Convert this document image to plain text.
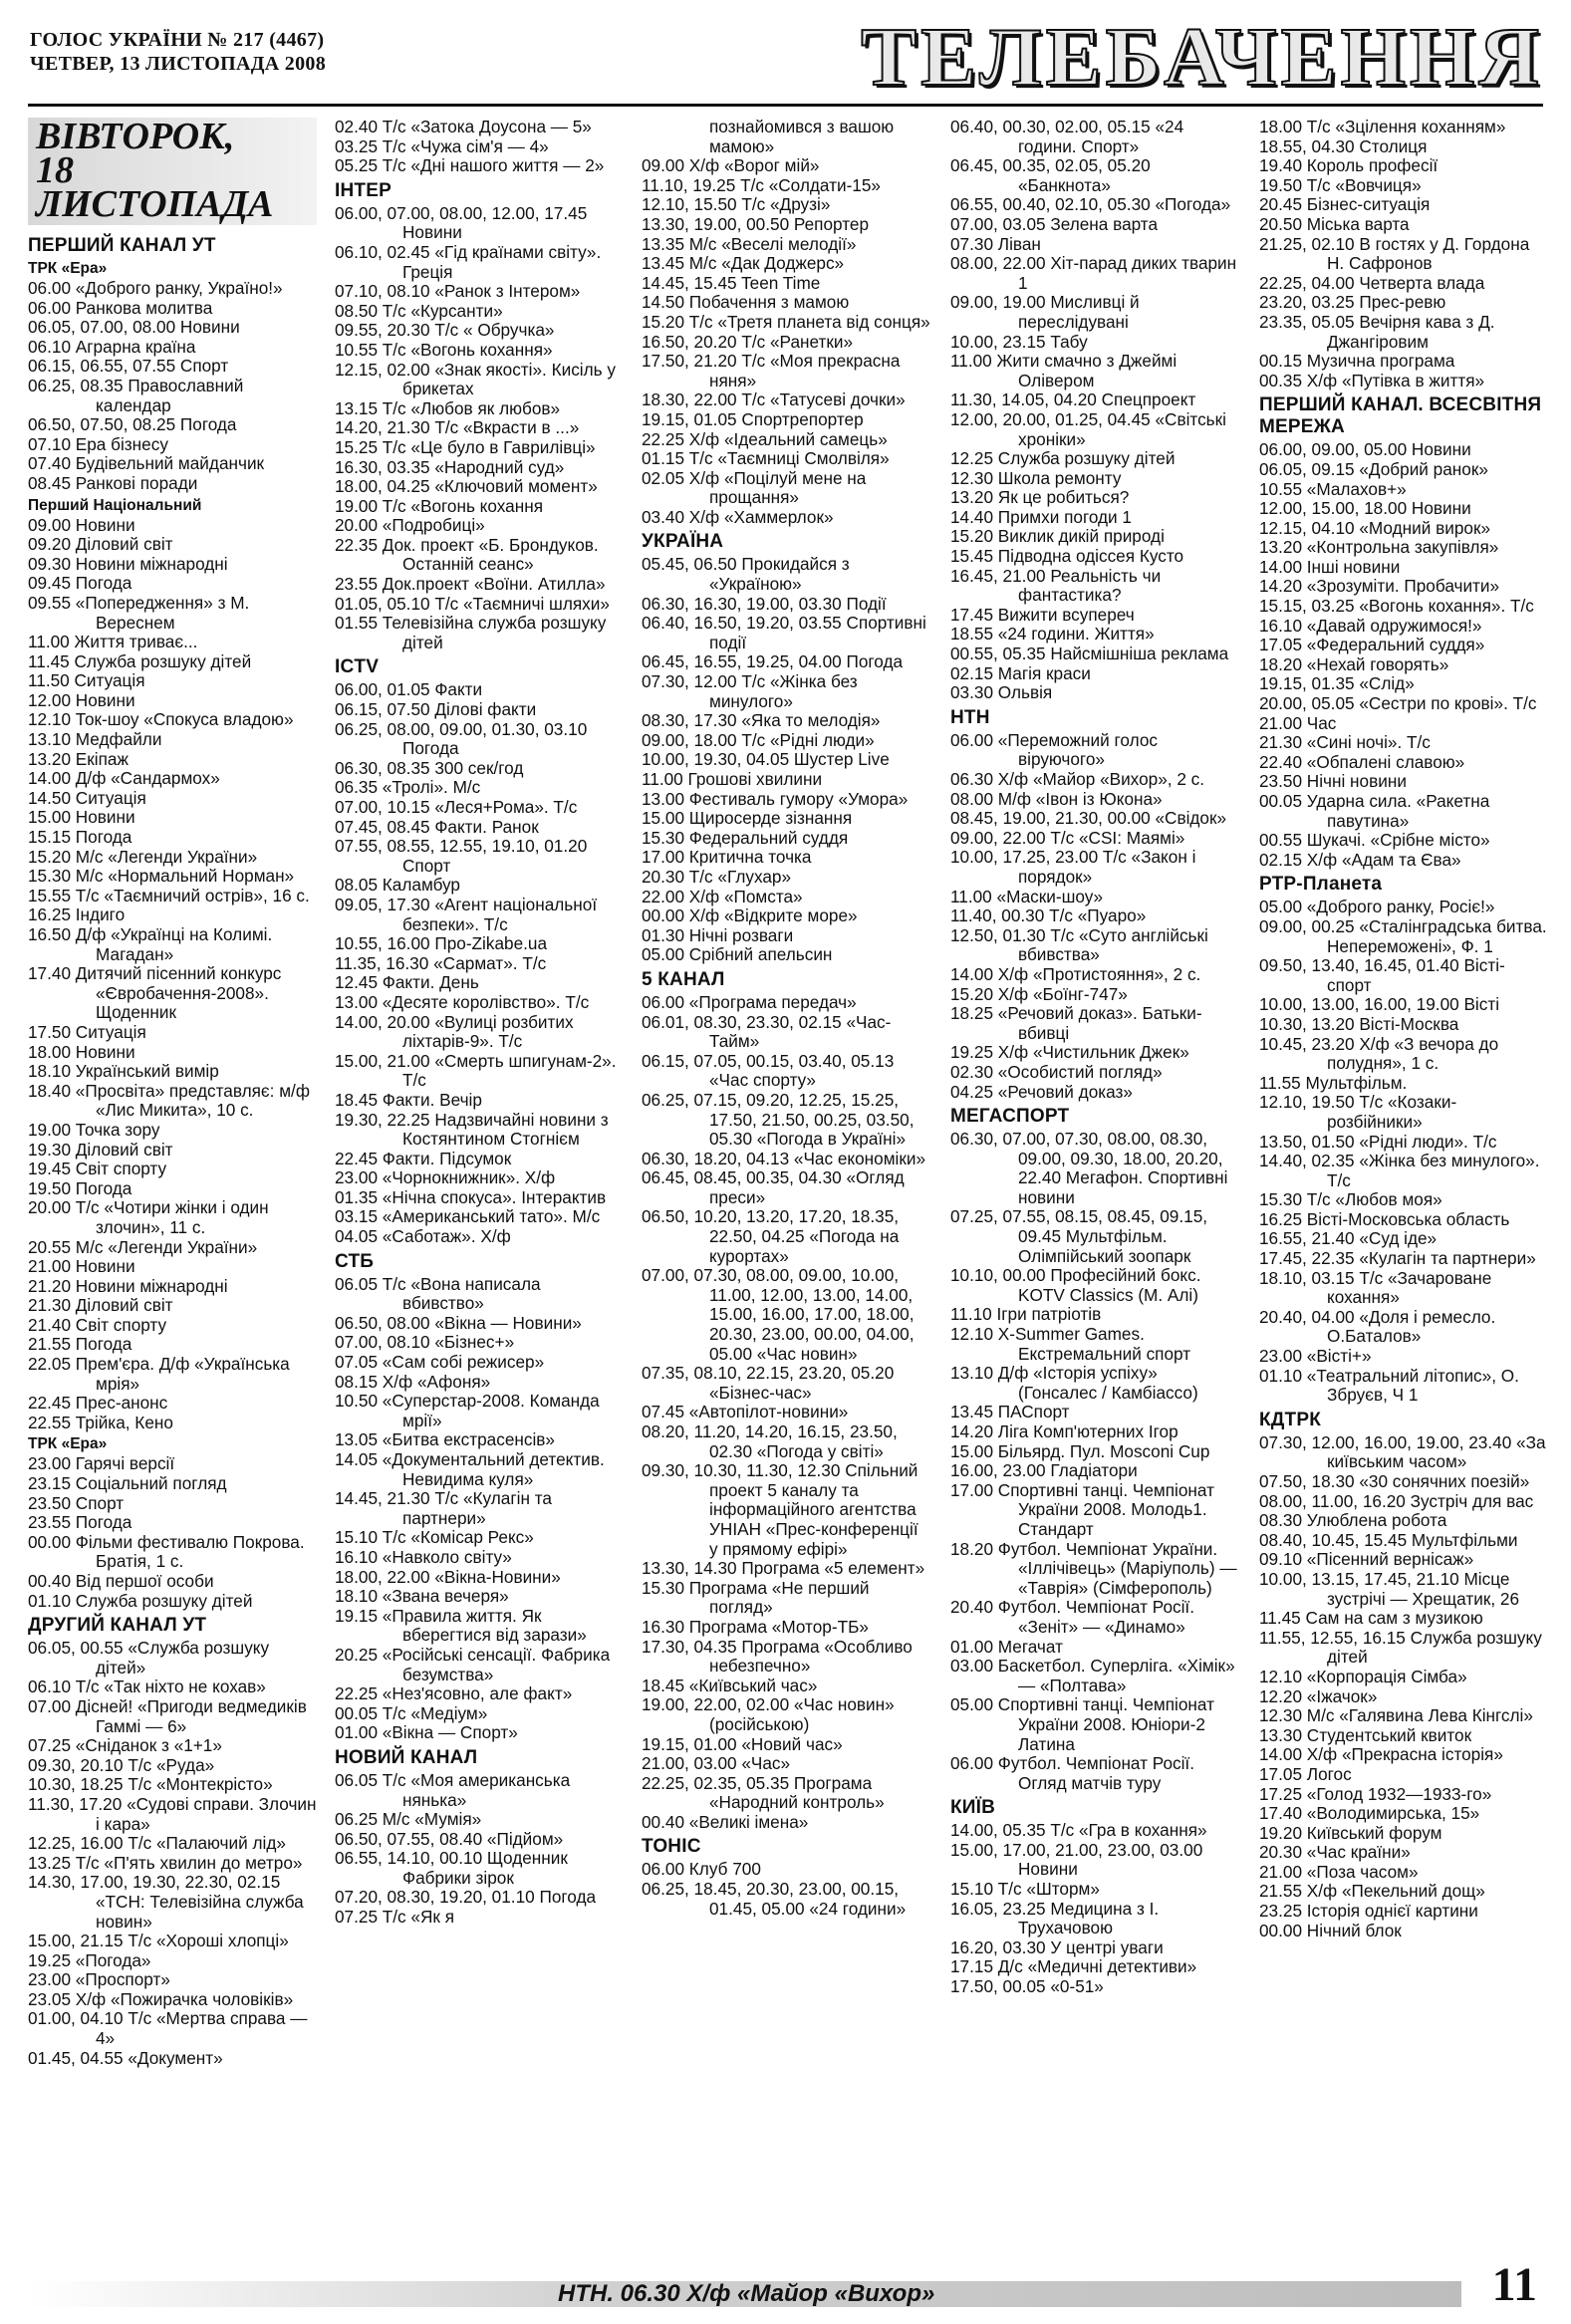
ГОЛОС УКРАЇНИ № 217 (4467)
ЧЕТВЕР, 13 ЛИСТОПАДА 2008	ТЕЛЕБАЧЕННЯ
ВІВТОРОК,
18 ЛИСТОПАДА
ПЕРШИЙ КАНАЛ УТ
ТРК «Ера»
06.00 «Доброго ранку, Україно!»
06.00 Ранкова молитва
06.05, 07.00, 08.00 Новини
06.10 Аграрна країна
06.15, 06.55, 07.55 Спорт
06.25, 08.35 Православний календар
06.50, 07.50, 08.25 Погода
07.10 Ера бізнесу
07.40 Будівельний майданчик
08.45 Ранкові поради
Перший Національний
09.00 Новини
09.20 Діловий світ
09.30 Новини міжнародні
09.45 Погода
09.55 «Попередження» з М. Вереснем
11.00 Життя триває...
11.45 Служба розшуку дітей
11.50 Ситуація
12.00 Новини
12.10 Ток-шоу «Спокуса владою»
13.10 Медфайли
13.20 Екіпаж
14.00 Д/ф «Сандармох»
14.50 Ситуація
15.00 Новини
15.15 Погода
15.20 М/с «Легенди України»
15.30 М/с «Нормальний Норман»
15.55 Т/с «Таємничий острів», 16 с.
16.25 Індиго
16.50 Д/ф «Українці на Колимі. Магадан»
17.40 Дитячий пісенний конкурс «Євробачення-2008». Щоденник
17.50 Ситуація
18.00 Новини
18.10 Український вимір
18.40 «Просвіта» представляє: м/ф «Лис Микита», 10 с.
19.00 Точка зору
19.30 Діловий світ
19.45 Світ спорту
19.50 Погода
20.00 Т/с «Чотири жінки і один злочин», 11 с.
20.55 М/с «Легенди України»
21.00 Новини
21.20 Новини міжнародні
21.30 Діловий світ
21.40 Світ спорту
21.55 Погода
22.05 Прем'єра. Д/ф «Українська мрія»
22.45 Прес-анонс
22.55 Трійка, Кено
ТРК «Ера»
23.00 Гарячі версії
23.15 Соціальний погляд
23.50 Спорт
23.55 Погода
00.00 Фільми фестивалю Покрова. Братія, 1 с.
00.40 Від першої особи
01.10 Служба розшуку дітей
ДРУГИЙ КАНАЛ УТ
06.05, 00.55 «Служба розшуку дітей»
06.10 Т/с «Так ніхто не кохав»
07.00 Дісней! «Пригоди ведмедиків Гаммі — 6»
07.25 «Сніданок з «1+1»
09.30, 20.10 Т/с «Руда»
10.30, 18.25 Т/с «Монтекрісто»
11.30, 17.20 «Судові справи. Злочин і кара»
12.25, 16.00 Т/с «Палаючий лід»
13.25 Т/с «П'ять хвилин до метро»
14.30, 17.00, 19.30, 22.30, 02.15 «ТСН: Телевізійна служба новин»
15.00, 21.15 Т/с «Хороші хлопці»
19.25 «Погода»
23.00 «Проспорт»
23.05 Х/ф «Пожирачка чоловіків»
01.00, 04.10 Т/с «Мертва справа — 4»
01.45, 04.55 «Документ»
02.40 Т/с «Затока Доусона — 5»
03.25 Т/с «Чужа сім'я — 4»
05.25 Т/с «Дні нашого життя — 2»
ІНТЕР
06.00, 07.00, 08.00, 12.00, 17.45 Новини
06.10, 02.45 «Гід країнами світу». Греція
07.10, 08.10 «Ранок з Інтером»
08.50 Т/с «Курсанти»
09.55, 20.30 Т/с « Обручка»
10.55 Т/с «Вогонь кохання»
12.15, 02.00 «Знак якості». Кисіль у брикетах
13.15 Т/с «Любов як любов»
14.20, 21.30 Т/с «Вкрасти в ...»
15.25 Т/с «Це було в Гаврилівці»
16.30, 03.35 «Народний суд»
18.00, 04.25 «Ключовий момент»
19.00 Т/с «Вогонь кохання
20.00 «Подробиці»
22.35 Док. проект «Б. Брондуков. Останній сеанс»
23.55 Док.проект «Воїни. Атилла»
01.05, 05.10 Т/с «Таємничі шляхи»
01.55 Телевізійна служба розшуку дітей
ICTV
06.00, 01.05 Факти
06.15, 07.50 Ділові факти
06.25, 08.00, 09.00, 01.30, 03.10 Погода
06.30, 08.35 300 сек/год
06.35 «Тролі». М/с
07.00, 10.15 «Леся+Рома». Т/с
07.45, 08.45 Факти. Ранок
07.55, 08.55, 12.55, 19.10, 01.20 Спорт
08.05 Каламбур
09.05, 17.30 «Агент національної безпеки». Т/с
10.55, 16.00 Про-Zikabe.ua
11.35, 16.30 «Сармат». Т/с
12.45 Факти. День
13.00 «Десяте королівство». Т/с
14.00, 20.00 «Вулиці розбитих ліхтарів-9». Т/с
15.00, 21.00 «Смерть шпигунам-2». Т/с
18.45 Факти. Вечір
19.30, 22.25 Надзвичайні новини з Костянтином Стогнієм
22.45 Факти. Підсумок
23.00 «Чорнокнижник». Х/ф
01.35 «Нічна спокуса». Інтерактив
03.15 «Американський тато». М/с
04.05 «Саботаж». Х/ф
СТБ
06.05 Т/с «Вона написала вбивство»
06.50, 08.00 «Вікна — Новини»
07.00, 08.10 «Бізнес+»
07.05 «Сам собі режисер»
08.15 Х/ф «Афоня»
10.50 «Суперстар-2008. Команда мрії»
13.05 «Битва екстрасенсів»
14.05 «Документальний детектив. Невидима куля»
14.45, 21.30 Т/с «Кулагін та партнери»
15.10 Т/с «Комісар Рекс»
16.10 «Навколо світу»
18.00, 22.00 «Вікна-Новини»
18.10 «Звана вечеря»
19.15 «Правила життя. Як вберегтися від зарази»
20.25 «Російські сенсації. Фабрика безумства»
22.25 «Нез'ясовно, але факт»
00.05 Т/с «Медіум»
01.00 «Вікна — Спорт»
НОВИЙ КАНАЛ
06.05 Т/с «Моя американська нянька»
06.25 М/с «Мумія»
06.50, 07.55, 08.40 «Підйом»
06.55, 14.10, 00.10 Щоденник Фабрики зірок
07.20, 08.30, 19.20, 01.10 Погода
07.25 Т/с «Як я
познайомився з вашою мамою»
09.00 Х/ф «Ворог мій»
11.10, 19.25 Т/с «Солдати-15»
12.10, 15.50 Т/с «Друзі»
13.30, 19.00, 00.50 Репортер
13.35 М/с «Веселі мелодії»
13.45 М/с «Дак Доджерс»
14.45, 15.45 Teen Time
14.50 Побачення з мамою
15.20 Т/с «Третя планета від сонця»
16.50, 20.20 Т/с «Ранетки»
17.50, 21.20 Т/с «Моя прекрасна няня»
18.30, 22.00 Т/с «Татусеві дочки»
19.15, 01.05 Спортрепортер
22.25 Х/ф «Ідеальний самець»
01.15 Т/с «Таємниці Смолвіля»
02.05 Х/ф «Поцілуй мене на прощання»
03.40 Х/ф «Хаммерлок»
УКРАЇНА
05.45, 06.50 Прокидайся з «Україною»
06.30, 16.30, 19.00, 03.30 Події
06.40, 16.50, 19.20, 03.55 Спортивні події
06.45, 16.55, 19.25, 04.00 Погода
07.30, 12.00 Т/с «Жінка без минулого»
08.30, 17.30 «Яка то мелодія»
09.00, 18.00 Т/с «Рідні люди»
10.00, 19.30, 04.05 Шустер Live
11.00 Грошові хвилини
13.00 Фестиваль гумору «Умора»
15.00 Щиросерде зізнання
15.30 Федеральний суддя
17.00 Критична точка
20.30 Т/с «Глухар»
22.00 Х/ф «Помста»
00.00 Х/ф «Відкрите море»
01.30 Нічні розваги
05.00 Срібний апельсин
5 КАНАЛ
06.00 «Програма передач»
06.01, 08.30, 23.30, 02.15 «Час-Тайм»
06.15, 07.05, 00.15, 03.40, 05.13 «Час спорту»
06.25, 07.15, 09.20, 12.25, 15.25, 17.50, 21.50, 00.25, 03.50, 05.30 «Погода в Україні»
06.30, 18.20, 04.13 «Час економіки»
06.45, 08.45, 00.35, 04.30 «Огляд преси»
06.50, 10.20, 13.20, 17.20, 18.35, 22.50, 04.25 «Погода на курортах»
07.00, 07.30, 08.00, 09.00, 10.00, 11.00, 12.00, 13.00, 14.00, 15.00, 16.00, 17.00, 18.00, 20.30, 23.00, 00.00, 04.00, 05.00 «Час новин»
07.35, 08.10, 22.15, 23.20, 05.20 «Бізнес-час»
07.45 «Автопілот-новини»
08.20, 11.20, 14.20, 16.15, 23.50, 02.30 «Погода у світі»
09.30, 10.30, 11.30, 12.30 Спільний проект 5 каналу та інформаційного агентства УНІАН «Прес-конференції у прямому ефірі»
13.30, 14.30 Програма «5 елемент»
15.30 Програма «Не перший погляд»
16.30 Програма «Мотор-ТБ»
17.30, 04.35 Програма «Особливо небезпечно»
18.45 «Київський час»
19.00, 22.00, 02.00 «Час новин» (російською)
19.15, 01.00 «Новий час»
21.00, 03.00 «Час»
22.25, 02.35, 05.35 Програма «Народний контроль»
00.40 «Великі імена»
ТОНІС
06.00 Клуб 700
06.25, 18.45, 20.30, 23.00, 00.15, 01.45, 05.00 «24 години»
06.40, 00.30, 02.00, 05.15 «24 години. Спорт»
06.45, 00.35, 02.05, 05.20 «Банкнота»
06.55, 00.40, 02.10, 05.30 «Погода»
07.00, 03.05 Зелена варта
07.30 Ліван
08.00, 22.00 Хіт-парад диких тварин 1
09.00, 19.00 Мисливці й переслідувані
10.00, 23.15 Табу
11.00 Жити смачно з Джеймі Олівером
11.30, 14.05, 04.20 Спецпроект
12.00, 20.00, 01.25, 04.45 «Світські хроніки»
12.25 Служба розшуку дітей
12.30 Школа ремонту
13.20 Як це робиться?
14.40 Примхи погоди 1
15.20 Виклик дикій природі
15.45 Підводна одіссея Кусто
16.45, 21.00 Реальність чи фантастика?
17.45 Вижити всупереч
18.55 «24 години. Життя»
00.55, 05.35 Найсмішніша реклама
02.15 Магія краси
03.30 Ольвія
НТН
06.00 «Переможний голос віруючого»
06.30 Х/ф «Майор «Вихор», 2 с.
08.00 М/ф «Івон із Юкона»
08.45, 19.00, 21.30, 00.00 «Свідок»
09.00, 22.00 Т/с «CSI: Маямі»
10.00, 17.25, 23.00 Т/с «Закон і порядок»
11.00 «Маски-шоу»
11.40, 00.30 Т/с «Пуаро»
12.50, 01.30 Т/с «Суто англійські вбивства»
14.00 Х/ф «Протистояння», 2 с.
15.20 Х/ф «Боїнг-747»
18.25 «Речовий доказ». Батьки-вбивці
19.25 Х/ф «Чистильник Джек»
02.30 «Особистий погляд»
04.25 «Речовий доказ»
МЕГАСПОРТ
06.30, 07.00, 07.30, 08.00, 08.30, 09.00, 09.30, 18.00, 20.20, 22.40 Мегафон. Спортивні новини
07.25, 07.55, 08.15, 08.45, 09.15, 09.45 Мультфільм. Олімпійський зоопарк
10.10, 00.00 Професійний бокс. KOTV Classics (М. Алі)
11.10 Ігри патріотів
12.10 X-Summer Games. Екстремальний спорт
13.10 Д/ф «Історія успіху» (Гонсалес / Камбіассо)
13.45 ПАСпорт
14.20 Ліга Комп'ютерних Ігор
15.00 Більярд. Пул. Mosconi Cup
16.00, 23.00 Гладіатори
17.00 Спортивні танці. Чемпіонат України 2008. Молодь1. Стандарт
18.20 Футбол. Чемпіонат України. «Іллічівець» (Маріуполь) — «Таврія» (Сімферополь)
20.40 Футбол. Чемпіонат Росії. «Зеніт» — «Динамо»
01.00 Мегачат
03.00 Баскетбол. Суперліга. «Хімік» — «Полтава»
05.00 Спортивні танці. Чемпіонат України 2008. Юніори-2 Латина
06.00 Футбол. Чемпіонат Росії. Огляд матчів туру
КИЇВ
14.00, 05.35 Т/с «Гра в кохання»
15.00, 17.00, 21.00, 23.00, 03.00 Новини
15.10 Т/с «Шторм»
16.05, 23.25 Медицина з І. Трухачовою
16.20, 03.30 У центрі уваги
17.15 Д/с «Медичні детективи»
17.50, 00.05 «0-51»
18.00 Т/с «Зцілення коханням»
18.55, 04.30 Столиця
19.40 Король професії
19.50 Т/с «Вовчиця»
20.45 Бізнес-ситуація
20.50 Міська варта
21.25, 02.10 В гостях у Д. Гордона Н. Сафронов
22.25, 04.00 Четверта влада
23.20, 03.25 Прес-ревю
23.35, 05.05 Вечірня кава з Д. Джангіровим
00.15 Музична програма
00.35 Х/ф «Путівка в життя»
ПЕРШИЙ КАНАЛ. ВСЕСВІТНЯ МЕРЕЖА
06.00, 09.00, 05.00 Новини
06.05, 09.15 «Добрий ранок»
10.55 «Малахов+»
12.00, 15.00, 18.00 Новини
12.15, 04.10 «Модний вирок»
13.20 «Контрольна закупівля»
14.00 Інші новини
14.20 «Зрозуміти. Пробачити»
15.15, 03.25 «Вогонь кохання». Т/с
16.10 «Давай одружимося!»
17.05 «Федеральний суддя»
18.20 «Нехай говорять»
19.15, 01.35 «Слід»
20.00, 05.05 «Сестри по крові». Т/с
21.00 Час
21.30 «Сині ночі». Т/с
22.40 «Обпалені славою»
23.50 Нічні новини
00.05 Ударна сила. «Ракетна павутина»
00.55 Шукачі. «Срібне місто»
02.15 Х/ф «Адам та Єва»
РТР-Планета
05.00 «Доброго ранку, Росіє!»
09.00, 00.25 «Сталінградська битва. Непереможені», Ф. 1
09.50, 13.40, 16.45, 01.40 Вісті-спорт
10.00, 13.00, 16.00, 19.00 Вісті
10.30, 13.20 Вісті-Москва
10.45, 23.20 Х/ф «З вечора до полудня», 1 с.
11.55 Мультфільм.
12.10, 19.50 Т/с «Козаки-розбійники»
13.50, 01.50 «Рідні люди». Т/с
14.40, 02.35 «Жінка без минулого». Т/с
15.30 Т/с «Любов моя»
16.25 Вісті-Московська область
16.55, 21.40 «Суд іде»
17.45, 22.35 «Кулагін та партнери»
18.10, 03.15 Т/с «Зачароване кохання»
20.40, 04.00 «Доля і ремесло. О.Баталов»
23.00 «Вісті+»
01.10 «Театральний літопис», О. Збруєв, Ч 1
КДТРК
07.30, 12.00, 16.00, 19.00, 23.40 «За київським часом»
07.50, 18.30 «30 сонячних поезій»
08.00, 11.00, 16.20 Зустріч для вас
08.30 Улюблена робота
08.40, 10.45, 15.45 Мультфільми
09.10 «Пісенний вернісаж»
10.00, 13.15, 17.45, 21.10 Місце зустрічі — Хрещатик, 26
11.45 Сам на сам з музикою
11.55, 12.55, 16.15 Служба розшуку дітей
12.10 «Корпорація Сімба»
12.20 «Іжачок»
12.30 М/с «Галявина Лева Кінгслі»
13.30 Студентський квиток
14.00 Х/ф «Прекрасна історія»
17.05 Логос
17.25 «Голод 1932—1933-го»
17.40 «Володимирська, 15»
19.20 Київський форум
20.30 «Час країни»
21.00 «Поза часом»
21.55 Х/ф «Пекельний дощ»
23.25 Історія однієї картини
00.00 Нічний блок
НТН. 06.30 Х/ф «Майор «Вихор»	11
